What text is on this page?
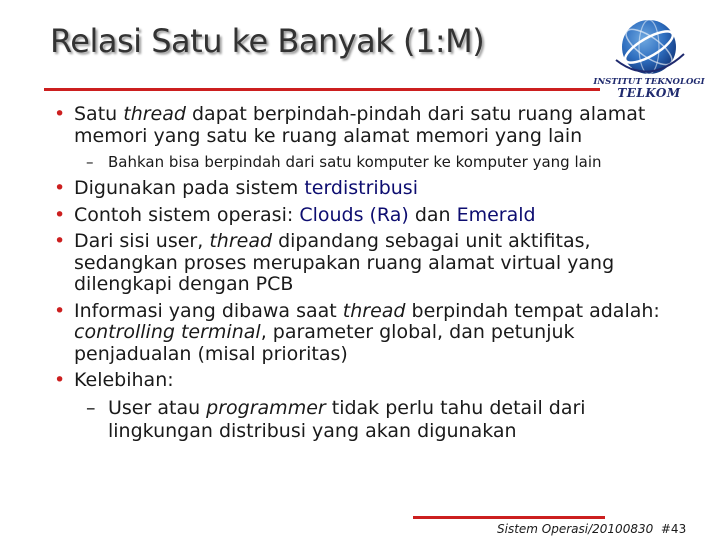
Relasi Satu ke Banyak (1:M)
INSTITUT TEKNOLOGI
TELKOM
• Satu thread dapat berpindah-pindah dari satu ruang alamat memori yang satu ke ruang alamat memori yang lain
– Bahkan bisa berpindah dari satu komputer ke komputer yang lain
• Digunakan pada sistem terdistribusi
• Contoh sistem operasi: Clouds (Ra) dan Emerald
• Dari sisi user, thread dipandang sebagai unit aktifitas, sedangkan proses merupakan ruang alamat virtual yang dilengkapi dengan PCB
• Informasi yang dibawa saat thread berpindah tempat adalah: controlling terminal, parameter global, dan petunjuk penjadualan (misal prioritas)
• Kelebihan:
– User atau programmer tidak perlu tahu detail dari lingkungan distribusi yang akan digunakan
Sistem Operasi/20100830 #43
